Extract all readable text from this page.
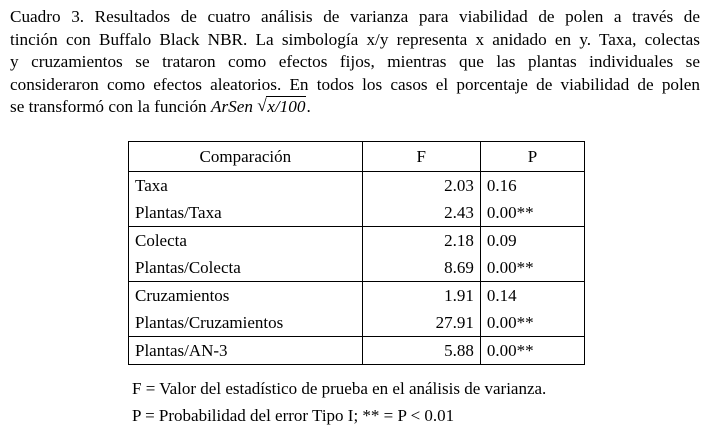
Cuadro 3. Resultados de cuatro análisis de varianza para viabilidad de polen a través de
tinción con Buffalo Black NBR. La simbología x/y representa x anidado en y. Taxa, colectas
y cruzamientos se trataron como efectos fijos, mientras que las plantas individuales se
consideraron como efectos aleatorios. En todos los casos el porcentaje de viabilidad de polen
se transformó con la función ArSen √ x/100.
Comparación	F	P
Taxa	2.03	0.16
Plantas/Taxa	2.43	0.00**
Colecta	2.18	0.09
Plantas/Colecta	8.69	0.00**
Cruzamientos	1.91	0.14
Plantas/Cruzamientos	27.91	0.00**
Plantas/AN-3	5.88	0.00**
F = Valor del estadístico de prueba en el análisis de varianza.
P = Probabilidad del error Tipo I; ** = P < 0.01
